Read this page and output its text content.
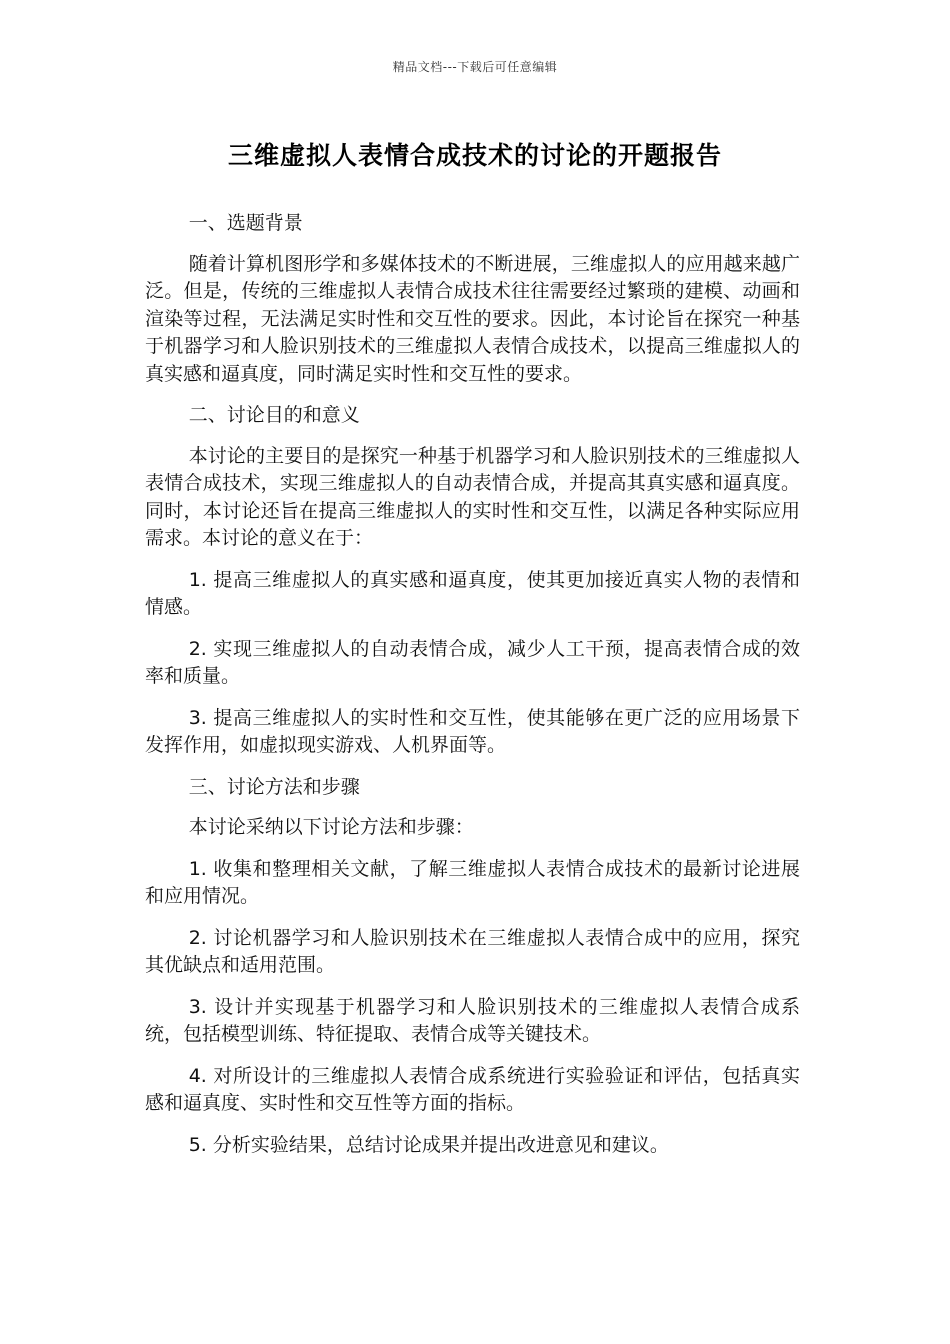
精品文档---下载后可任意编辑
三维虚拟人表情合成技术的讨论的开题报告

一、选题背景

随着计算机图形学和多媒体技术的不断进展，三维虚拟人的应用越来越广泛。但是，传统的三维虚拟人表情合成技术往往需要经过繁琐的建模、动画和渲染等过程，无法满足实时性和交互性的要求。因此，本讨论旨在探究一种基于机器学习和人脸识别技术的三维虚拟人表情合成技术，以提高三维虚拟人的真实感和逼真度，同时满足实时性和交互性的要求。

二、讨论目的和意义

本讨论的主要目的是探究一种基于机器学习和人脸识别技术的三维虚拟人表情合成技术，实现三维虚拟人的自动表情合成，并提高其真实感和逼真度。同时，本讨论还旨在提高三维虚拟人的实时性和交互性，以满足各种实际应用需求。本讨论的意义在于：

1. 提高三维虚拟人的真实感和逼真度，使其更加接近真实人物的表情和情感。

2. 实现三维虚拟人的自动表情合成，减少人工干预，提高表情合成的效率和质量。

3. 提高三维虚拟人的实时性和交互性，使其能够在更广泛的应用场景下发挥作用，如虚拟现实游戏、人机界面等。

三、讨论方法和步骤

本讨论采纳以下讨论方法和步骤：

1. 收集和整理相关文献，了解三维虚拟人表情合成技术的最新讨论进展和应用情况。

2. 讨论机器学习和人脸识别技术在三维虚拟人表情合成中的应用，探究其优缺点和适用范围。

3. 设计并实现基于机器学习和人脸识别技术的三维虚拟人表情合成系统，包括模型训练、特征提取、表情合成等关键技术。

4. 对所设计的三维虚拟人表情合成系统进行实验验证和评估，包括真实感和逼真度、实时性和交互性等方面的指标。

5. 分析实验结果，总结讨论成果并提出改进意见和建议。
